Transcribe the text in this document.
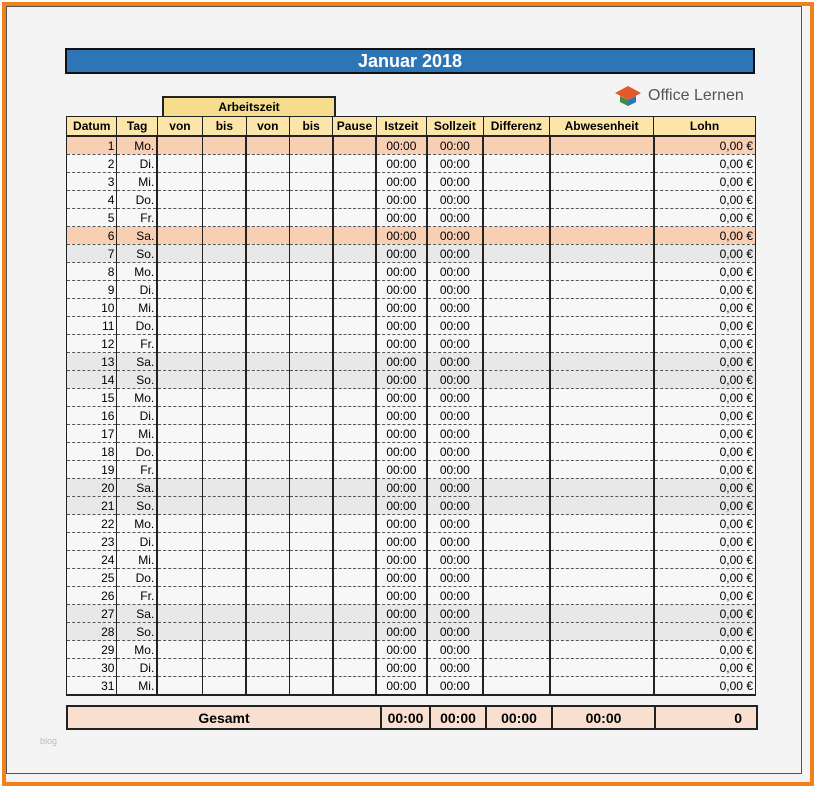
Januar 2018
Office Lernen
Arbeitszeit
Datum	Tag	von	bis	von	bis	Pause	Istzeit	Sollzeit	Differenz	Abwesenheit	Lohn
1	Mo.						00:00	00:00			0,00 €
2	Di.						00:00	00:00			0,00 €
3	Mi.						00:00	00:00			0,00 €
4	Do.						00:00	00:00			0,00 €
5	Fr.						00:00	00:00			0,00 €
6	Sa.						00:00	00:00			0,00 €
7	So.						00:00	00:00			0,00 €
8	Mo.						00:00	00:00			0,00 €
9	Di.						00:00	00:00			0,00 €
10	Mi.						00:00	00:00			0,00 €
11	Do.						00:00	00:00			0,00 €
12	Fr.						00:00	00:00			0,00 €
13	Sa.						00:00	00:00			0,00 €
14	So.						00:00	00:00			0,00 €
15	Mo.						00:00	00:00			0,00 €
16	Di.						00:00	00:00			0,00 €
17	Mi.						00:00	00:00			0,00 €
18	Do.						00:00	00:00			0,00 €
19	Fr.						00:00	00:00			0,00 €
20	Sa.						00:00	00:00			0,00 €
21	So.						00:00	00:00			0,00 €
22	Mo.						00:00	00:00			0,00 €
23	Di.						00:00	00:00			0,00 €
24	Mi.						00:00	00:00			0,00 €
25	Do.						00:00	00:00			0,00 €
26	Fr.						00:00	00:00			0,00 €
27	Sa.						00:00	00:00			0,00 €
28	So.						00:00	00:00			0,00 €
29	Mo.						00:00	00:00			0,00 €
30	Di.						00:00	00:00			0,00 €
31	Mi.						00:00	00:00			0,00 €
Gesamt	00:00	00:00	00:00	00:00	0
blog
